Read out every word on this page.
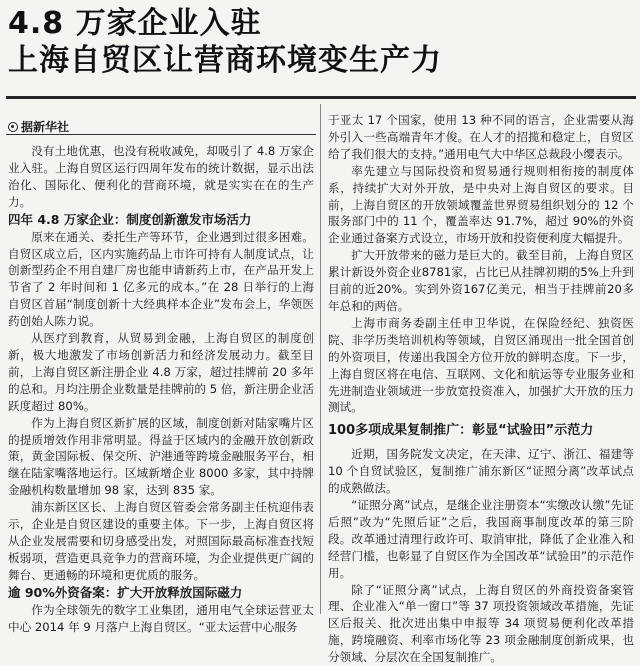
4.8 万家企业入驻
上海自贸区让营商环境变生产力
据新华社

没有土地优惠，也没有税收减免，却吸引了 4.8 万家企业入驻。上海自贸区运行四周年发布的统计数据，显示出法治化、国际化、便利化的营商环境，就是实实在在的生产力。

四年 4.8 万家企业：制度创新激发市场活力

原来在通关、委托生产等环节，企业遇到过很多困难。自贸区成立后，区内实施药品上市许可持有人制度试点，让创新型药企不用自建厂房也能申请新药上市，在产品开发上节省了 2 年时间和 1 亿多元的成本。”在 28 日举行的上海自贸区首届“制度创新十大经典样本企业”发布会上，华领医药创始人陈力说。

从医疗到教育，从贸易到金融，上海自贸区的制度创新，极大地激发了市场创新活力和经济发展动力。截至目前，上海自贸区新注册企业 4.8 万家，超过挂牌前 20 多年的总和。月均注册企业数量是挂牌前的 5 倍，新注册企业活跃度超过 80%。

作为上海自贸区新扩展的区域，制度创新对陆家嘴片区的提质增效作用非常明显。得益于区域内的金融开放创新政策，黄金国际板、保交所、沪港通等跨境金融服务平台，相继在陆家嘴落地运行。区域新增企业 8000 多家，其中持牌金融机构数量增加 98 家，达到 835 家。

浦东新区区长、上海自贸区管委会常务副主任杭迎伟表示，企业是自贸区建设的重要主体。下一步，上海自贸区将从企业发展需要和切身感受出发，对照国际最高标准查找短板弱项，营造更具竞争力的营商环境，为企业提供更广阔的舞台、更通畅的环境和更优质的服务。

逾 90%外资备案：扩大开放释放国际磁力

作为全球领先的数字工业集团，通用电气全球运营亚太中心 2014 年 9 月落户上海自贸区。“亚太运营中心服务

于亚太 17 个国家，使用 13 种不同的语言，企业需要从海外引入一些高端青年才俊。在人才的招揽和稳定上，自贸区给了我们很大的支持。”通用电气大中华区总裁段小缨表示。

率先建立与国际投资和贸易通行规则相衔接的制度体系，持续扩大对外开放，是中央对上海自贸区的要求。目前，上海自贸区的开放领域覆盖世界贸易组织划分的 12 个服务部门中的 11 个，覆盖率达 91.7%，超过 90%的外资企业通过备案方式设立，市场开放和投资便利度大幅提升。

扩大开放带来的磁力是巨大的。截至目前，上海自贸区累计新设外资企业8781家，占比已从挂牌初期的5%上升到目前的近20%。实到外资167亿美元，相当于挂牌前20多年总和的两倍。

上海市商务委副主任申卫华说，在保险经纪、独资医院、非学历类培训机构等领域，自贸区涌现出一批全国首创的外资项目，传递出我国全方位开放的鲜明态度。下一步，上海自贸区将在电信、互联网、文化和航运等专业服务业和先进制造业领域进一步放宽投资准入，加强扩大开放的压力测试。

100多项成果复制推广：彰显“试验田”示范力

近期，国务院发文决定，在天津、辽宁、浙江、福建等 10 个自贸试验区，复制推广浦东新区“证照分离”改革试点的成熟做法。

“证照分离”试点，是继企业注册资本“实缴改认缴”先证后照”改为“先照后证”之后，我国商事制度改革的第三阶段。改革通过清理行政许可、取消审批，降低了企业准入和经营门槛，也彰显了自贸区作为全国改革“试验田”的示范作用。

除了“证照分离”试点，上海自贸区的外商投资备案管理、企业准入“单一窗口”等 37 项投资领域改革措施，先证区后报关、批次进出集中申报等 34 项贸易便利化改革措施，跨境融资、利率市场化等 23 项金融制度创新成果，也分领域、分层次在全国复制推广。
